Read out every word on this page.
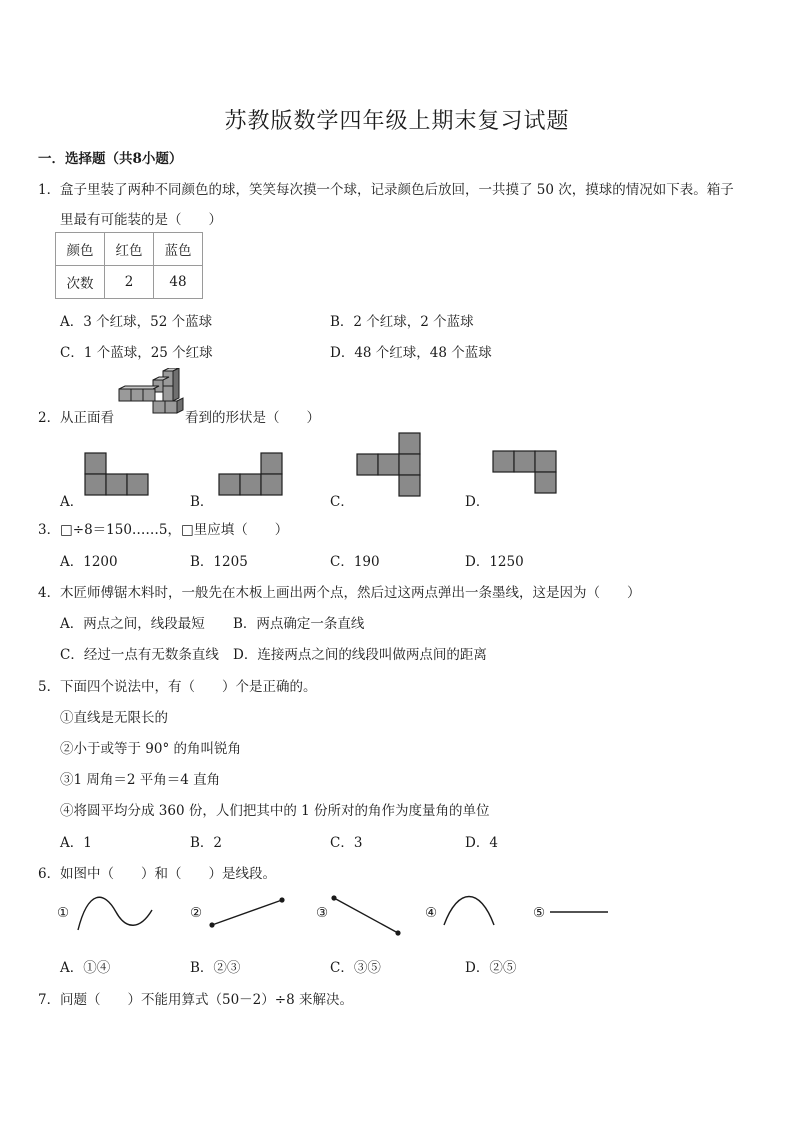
苏教版数学四年级上期末复习试题
一．选择题（共8小题）
1． 盒子里装了两种不同颜色的球，笑笑每次摸一个球，记录颜色后放回，一共摸了 50 次，摸球的情况如下表。箱子
里最有可能装的是（　　）
颜色	红色	蓝色
次数	2	48
A．3 个红球，52 个蓝球	B．2 个红球，2 个蓝球
C．1 个蓝球，25 个红球	D．48 个红球，48 个蓝球
2． 从正面看	看到的形状是（　　）
A．	B．	C．	D．
3． □÷8＝150……5，□里应填（　　）
A．1200	B．1205	C．190	D．1250
4． 木匠师傅锯木料时，一般先在木板上画出两个点，然后过这两点弹出一条墨线，这是因为（　　）
A．两点之间，线段最短 B．两点确定一条直线
C．经过一点有无数条直线 D．连接两点之间的线段叫做两点间的距离
5． 下面四个说法中，有（　　）个是正确的。
①直线是无限长的
②小于或等于 90° 的角叫锐角
③1 周角＝2 平角＝4 直角
④将圆平均分成 360 份，人们把其中的 1 份所对的角作为度量角的单位
A．1	B．2	C．3	D．4
6． 如图中（　　）和（　　）是线段。
①	②	③	④	⑤
A．①④	B．②③	C．③⑤	D．②⑤
7． 问题（　　）不能用算式（50－2）÷8 来解决。
